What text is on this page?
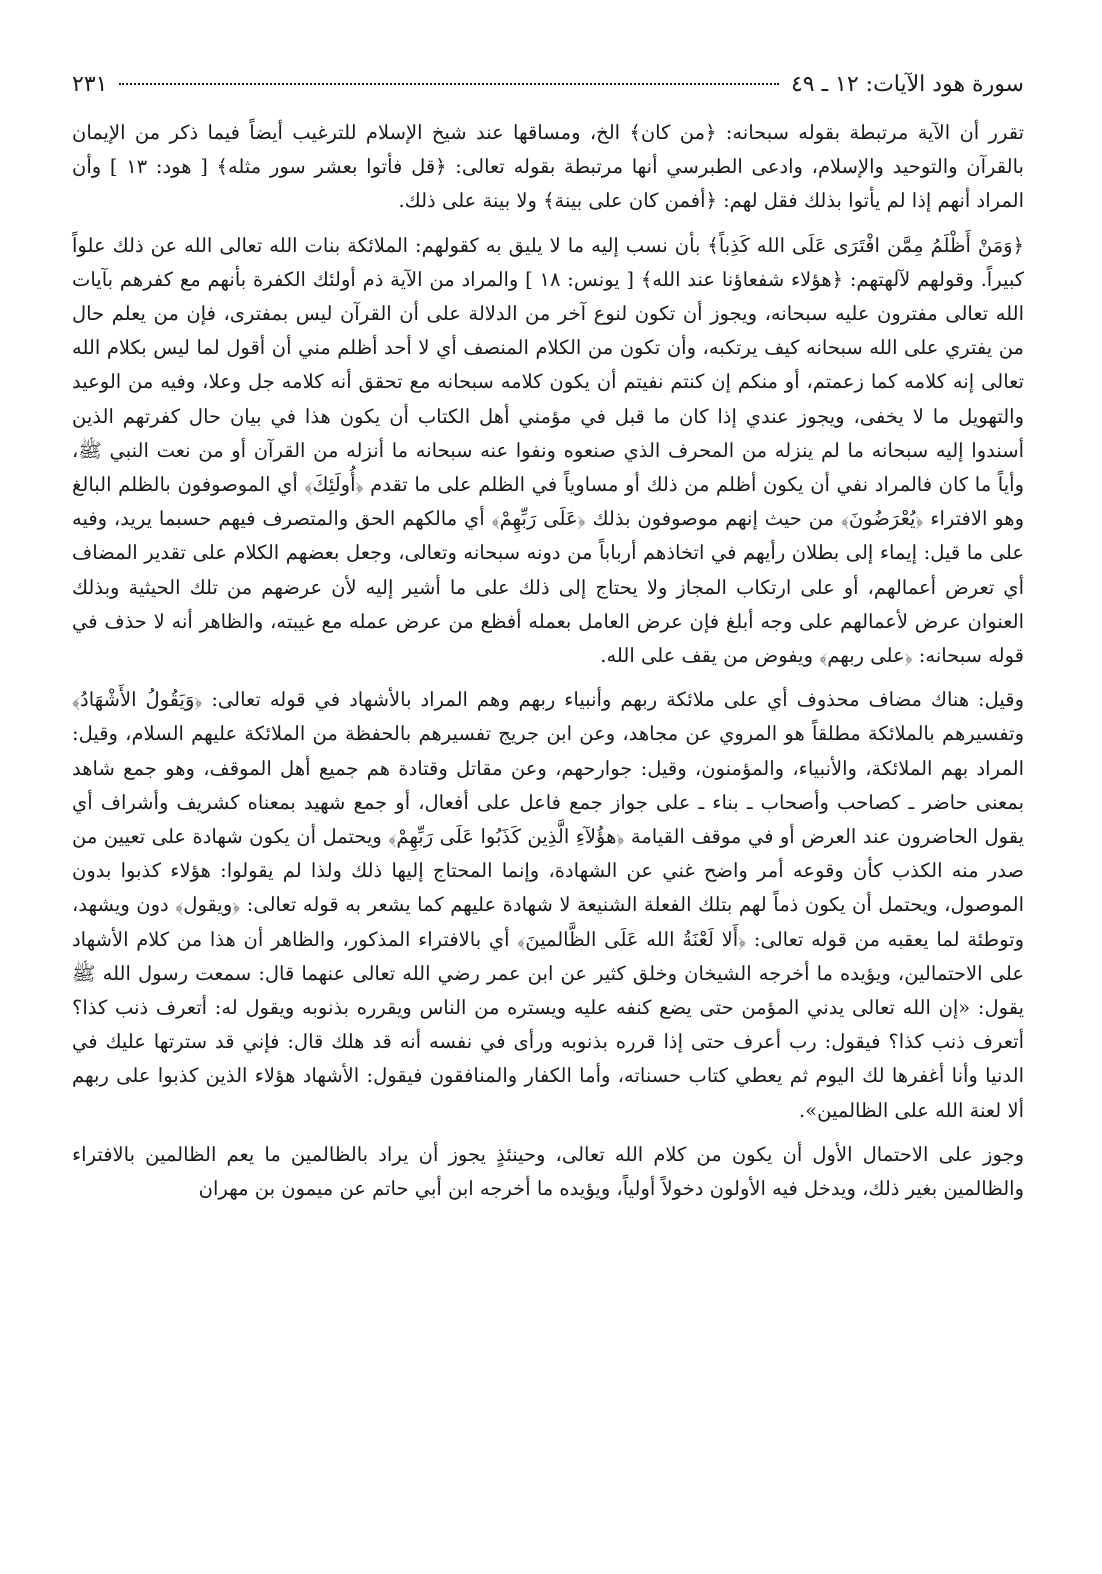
سورة هود الآيات: ١٢ ـ ٤٩
٢٣١

تقرر أن الآية مرتبطة بقوله سبحانه: ﴿من كان﴾ الخ، ومساقها عند شيخ الإسلام للترغيب أيضاً فيما ذكر من الإيمان بالقرآن والتوحيد والإسلام، وادعى الطبرسي أنها مرتبطة بقوله تعالى: ﴿قل فأتوا بعشر سور مثله﴾ [ هود: ١٣ ] وأن المراد أنهم إذا لم يأتوا بذلك فقل لهم: ﴿أفمن كان على بينة﴾ ولا بينة على ذلك.

﴿وَمَنْ أَظْلَمُ مِمَّن افْتَرَى عَلَى الله كَذِباً﴾ بأن نسب إليه ما لا يليق به كقولهم: الملائكة بنات الله تعالى الله عن ذلك علواً كبيراً. وقولهم لآلهتهم: ﴿هؤلاء شفعاؤنا عند الله﴾ [ يونس: ١٨ ] والمراد من الآية ذم أولئك الكفرة بأنهم مع كفرهم بآيات الله تعالى مفترون عليه سبحانه، ويجوز أن تكون لنوع آخر من الدلالة على أن القرآن ليس بمفترى، فإن من يعلم حال من يفتري على الله سبحانه كيف يرتكبه، وأن تكون من الكلام المنصف أي لا أحد أظلم مني أن أقول لما ليس بكلام الله تعالى إنه كلامه كما زعمتم، أو منكم إن كنتم نفيتم أن يكون كلامه سبحانه مع تحقق أنه كلامه جل وعلا، وفيه من الوعيد والتهويل ما لا يخفى، ويجوز عندي إذا كان ما قبل في مؤمني أهل الكتاب أن يكون هذا في بيان حال كفرتهم الذين أسندوا إليه سبحانه ما لم ينزله من المحرف الذي صنعوه ونفوا عنه سبحانه ما أنزله من القرآن أو من نعت النبي ﷺ، وأياً ما كان فالمراد نفي أن يكون أظلم من ذلك أو مساوياً في الظلم على ما تقدم ﴿أُولَئِكَ﴾ أي الموصوفون بالظلم البالغ وهو الافتراء ﴿يُعْرَضُونَ﴾ من حيث إنهم موصوفون بذلك ﴿عَلَى رَبِّهِمْ﴾ أي مالكهم الحق والمتصرف فيهم حسبما يريد، وفيه على ما قيل: إيماء إلى بطلان رأيهم في اتخاذهم أرباباً من دونه سبحانه وتعالى، وجعل بعضهم الكلام على تقدير المضاف أي تعرض أعمالهم، أو على ارتكاب المجاز ولا يحتاج إلى ذلك على ما أشير إليه لأن عرضهم من تلك الحيثية وبذلك العنوان عرض لأعمالهم على وجه أبلغ فإن عرض العامل بعمله أفظع من عرض عمله مع غيبته، والظاهر أنه لا حذف في قوله سبحانه: ﴿على ربهم﴾ ويفوض من يقف على الله.

وقيل: هناك مضاف محذوف أي على ملائكة ربهم وأنبياء ربهم وهم المراد بالأشهاد في قوله تعالى: ﴿وَيَقُولُ الأَشْهَادُ﴾ وتفسيرهم بالملائكة مطلقاً هو المروي عن مجاهد، وعن ابن جريج تفسيرهم بالحفظة من الملائكة عليهم السلام، وقيل: المراد بهم الملائكة، والأنبياء، والمؤمنون، وقيل: جوارحهم، وعن مقاتل وقتادة هم جميع أهل الموقف، وهو جمع شاهد بمعنى حاضر ـ كصاحب وأصحاب ـ بناء ـ على جواز جمع فاعل على أفعال، أو جمع شهيد بمعناه كشريف وأشراف أي يقول الحاضرون عند العرض أو في موقف القيامة ﴿هؤُلآءِ الَّذِين كَذَبُوا عَلَى رَبِّهِمْ﴾ ويحتمل أن يكون شهادة على تعيين من صدر منه الكذب كأن وقوعه أمر واضح غني عن الشهادة، وإنما المحتاج إليها ذلك ولذا لم يقولوا: هؤلاء كذبوا بدون الموصول، ويحتمل أن يكون ذماً لهم بتلك الفعلة الشنيعة لا شهادة عليهم كما يشعر به قوله تعالى: ﴿ويقول﴾ دون ويشهد، وتوطئة لما يعقبه من قوله تعالى: ﴿أَلا لَعْنَةُ الله عَلَى الظَّالمينَ﴾ أي بالافتراء المذكور، والظاهر أن هذا من كلام الأشهاد على الاحتمالين، ويؤيده ما أخرجه الشيخان وخلق كثير عن ابن عمر رضي الله تعالى عنهما قال: سمعت رسول الله ﷺ يقول: «إن الله تعالى يدني المؤمن حتى يضع كنفه عليه ويستره من الناس ويقرره بذنوبه ويقول له: أتعرف ذنب كذا؟ أتعرف ذنب كذا؟ فيقول: رب أعرف حتى إذا قرره بذنوبه ورأى في نفسه أنه قد هلك قال: فإني قد سترتها عليك في الدنيا وأنا أغفرها لك اليوم ثم يعطي كتاب حسناته، وأما الكفار والمنافقون فيقول: الأشهاد هؤلاء الذين كذبوا على ربهم ألا لعنة الله على الظالمين».

وجوز على الاحتمال الأول أن يكون من كلام الله تعالى، وحينئذٍ يجوز أن يراد بالظالمين ما يعم الظالمين بالافتراء والظالمين بغير ذلك، ويدخل فيه الأولون دخولاً أولياً، ويؤيده ما أخرجه ابن أبي حاتم عن ميمون بن مهران
